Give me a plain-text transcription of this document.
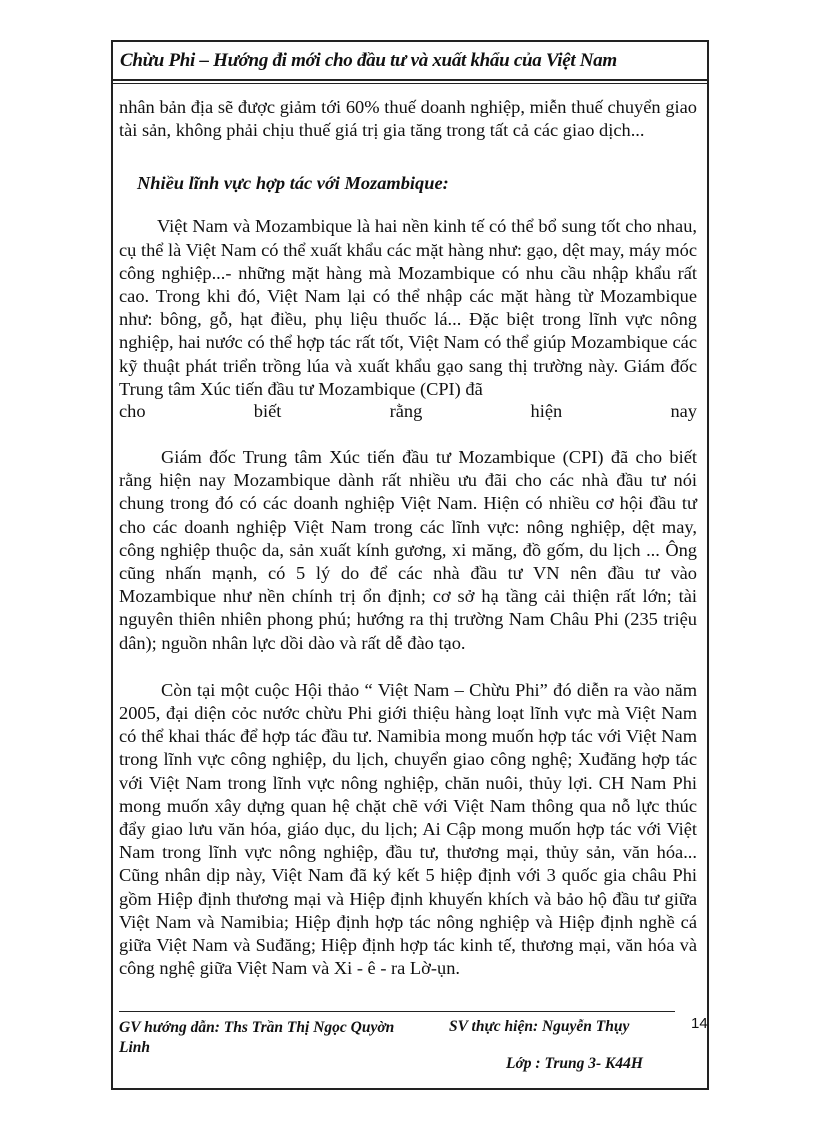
Chừu Phi – Hướng đi mới cho đầu tư và xuất khẩu của Việt Nam

nhân bản địa sẽ được giảm tới 60% thuế doanh nghiệp, miễn thuế chuyển giao tài sản, không phải chịu thuế giá trị gia tăng trong tất cả các giao dịch...

Nhiều lĩnh vực hợp tác với Mozambique:

Việt Nam và Mozambique là hai nền kinh tế có thể bổ sung tốt cho nhau, cụ thể là Việt Nam có thể xuất khẩu các mặt hàng như: gạo, dệt may, máy móc công nghiệp...- những mặt hàng mà Mozambique có nhu cầu nhập khẩu rất cao. Trong khi đó, Việt Nam lại có thể nhập các mặt hàng từ Mozambique như: bông, gỗ, hạt điều, phụ liệu thuốc lá... Đặc biệt trong lĩnh vực nông nghiệp, hai nước có thể hợp tác rất tốt, Việt Nam có thể giúp Mozambique các kỹ thuật phát triển trồng lúa và xuất khẩu gạo sang thị trường này. Giám đốc Trung tâm Xúc tiến đầu tư Mozambique (CPI) đã

cho	biết	rằng	hiện	nay

Giám đốc Trung tâm Xúc tiến đầu tư Mozambique (CPI) đã cho biết rằng hiện nay Mozambique dành rất nhiều ưu đãi cho các nhà đầu tư nói chung trong đó có các doanh nghiệp Việt Nam. Hiện có nhiều cơ hội đầu tư cho các doanh nghiệp Việt Nam trong các lĩnh vực: nông nghiệp, dệt may, công nghiệp thuộc da, sản xuất kính gương, xi măng, đồ gốm, du lịch ... Ông cũng nhấn mạnh, có 5 lý do để các nhà đầu tư VN nên đầu tư vào Mozambique như nền chính trị ổn định; cơ sở hạ tầng cải thiện rất lớn; tài nguyên thiên nhiên phong phú; hướng ra thị trường Nam Châu Phi (235 triệu dân); nguồn nhân lực dồi dào và rất dễ đào tạo.

Còn tại một cuộc Hội thảo “ Việt Nam – Chừu Phi” đó diễn ra vào năm 2005, đại diện cỏc nước chừu Phi giới thiệu hàng loạt lĩnh vực mà Việt Nam có thể khai thác để hợp tác đầu tư. Namibia mong muốn hợp tác với Việt Nam trong lĩnh vực công nghiệp, du lịch, chuyển giao công nghệ; Xuđăng hợp tác với Việt Nam trong lĩnh vực nông nghiệp, chăn nuôi, thủy lợi. CH Nam Phi mong muốn xây dựng quan hệ chặt chẽ với Việt Nam thông qua nỗ lực thúc đẩy giao lưu văn hóa, giáo dục, du lịch; Ai Cập mong muốn hợp tác với Việt Nam trong lĩnh vực nông nghiệp, đầu tư, thương mại, thủy sản, văn hóa... Cũng nhân dịp này, Việt Nam đã ký kết 5 hiệp định với 3 quốc gia châu Phi gồm Hiệp định thương mại và Hiệp định khuyến khích và bảo hộ đầu tư giữa Việt Nam và Namibia; Hiệp định hợp tác nông nghiệp và Hiệp định nghề cá giữa Việt Nam và Suđăng; Hiệp định hợp tác kinh tế, thương mại, văn hóa và công nghệ giữa Việt Nam và Xi - ê - ra Lờ-ụn.

GV hướng dẫn: Ths Trần Thị Ngọc Quyờn Linh
SV thực hiện: Nguyễn Thụy	14
Lớp : Trung 3- K44H
